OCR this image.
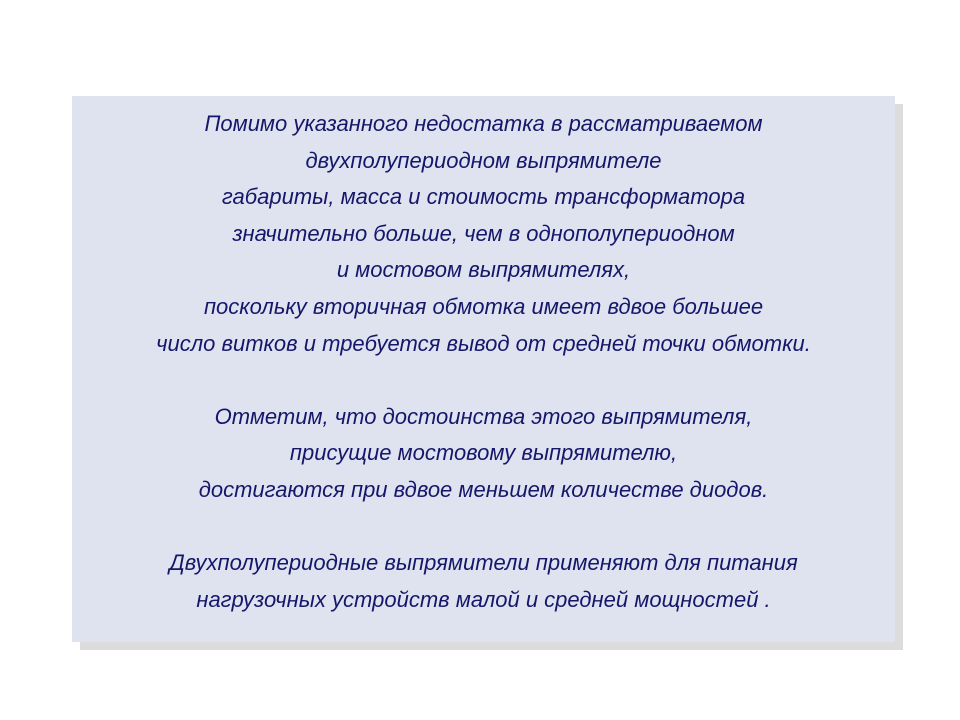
Помимо указанного недостатка в рассматриваемом
двухполупериодном выпрямителе
габариты, масса и стоимость трансформатора
значительно больше, чем в однополупериодном
и мостовом выпрямителях,
поскольку вторичная обмотка имеет вдвое большее
число витков и требуется вывод от средней точки обмотки.
Отметим, что достоинства этого выпрямителя,
присущие мостовому выпрямителю,
достигаются при вдвое меньшем количестве диодов.
Двухполупериодные выпрямители применяют для питания
нагрузочных устройств малой и средней мощностей .
